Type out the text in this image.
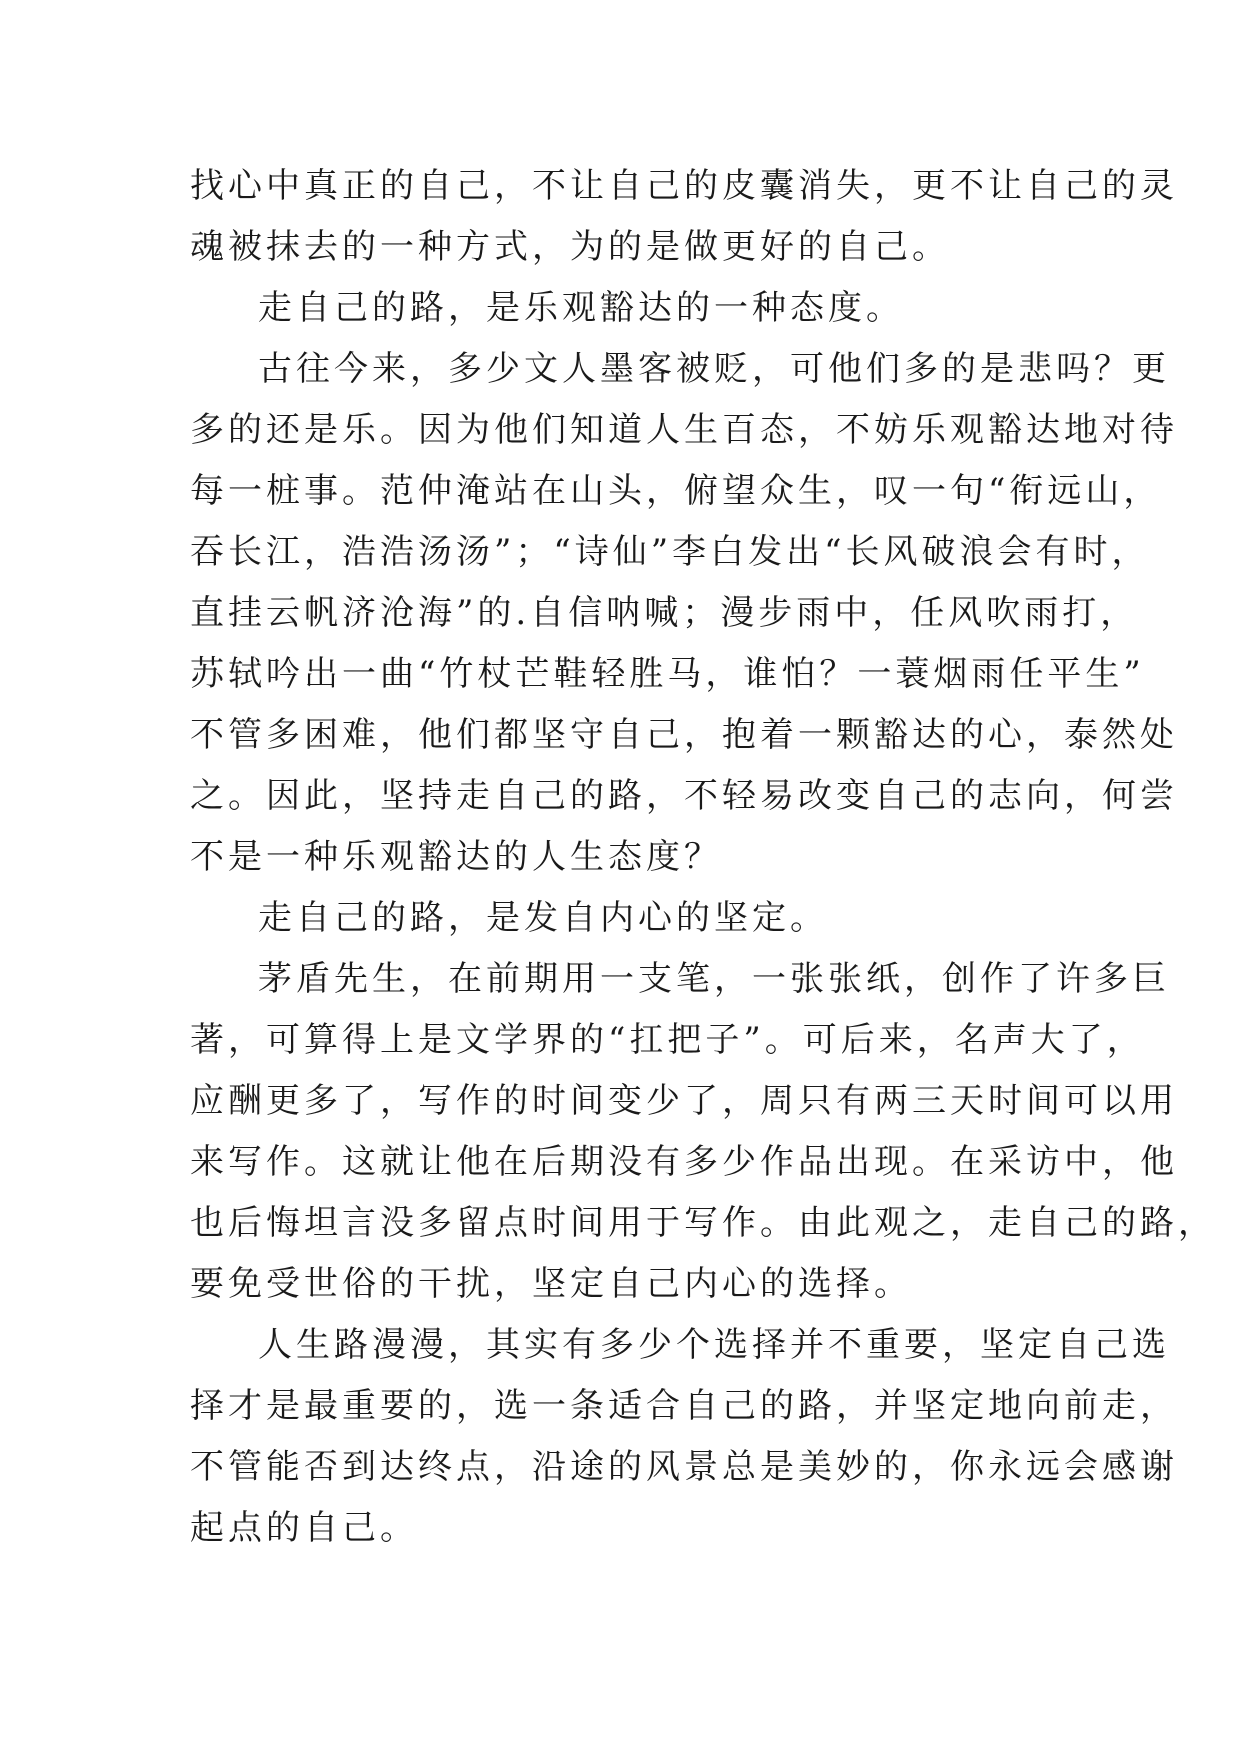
找心中真正的自己，不让自己的皮囊消失，更不让自己的灵
魂被抹去的一种方式，为的是做更好的自己。
走自己的路，是乐观豁达的一种态度。
古往今来，多少文人墨客被贬，可他们多的是悲吗？更
多的还是乐。因为他们知道人生百态，不妨乐观豁达地对待
每一桩事。范仲淹站在山头，俯望众生，叹一句“衔远山，
吞长江，浩浩汤汤”；“诗仙”李白发出“长风破浪会有时，
直挂云帆济沧海”的.自信呐喊；漫步雨中，任风吹雨打，
苏轼吟出一曲“竹杖芒鞋轻胜马，谁怕？一蓑烟雨任平生”
不管多困难，他们都坚守自己，抱着一颗豁达的心，泰然处
之。因此，坚持走自己的路，不轻易改变自己的志向，何尝
不是一种乐观豁达的人生态度？
走自己的路，是发自内心的坚定。
茅盾先生，在前期用一支笔，一张张纸，创作了许多巨
著，可算得上是文学界的“扛把子”。可后来，名声大了，
应酬更多了，写作的时间变少了，周只有两三天时间可以用
来写作。这就让他在后期没有多少作品出现。在采访中，他
也后悔坦言没多留点时间用于写作。由此观之，走自己的路，
要免受世俗的干扰，坚定自己内心的选择。
人生路漫漫，其实有多少个选择并不重要，坚定自己选
择才是最重要的，选一条适合自己的路，并坚定地向前走，
不管能否到达终点，沿途的风景总是美妙的，你永远会感谢
起点的自己。
